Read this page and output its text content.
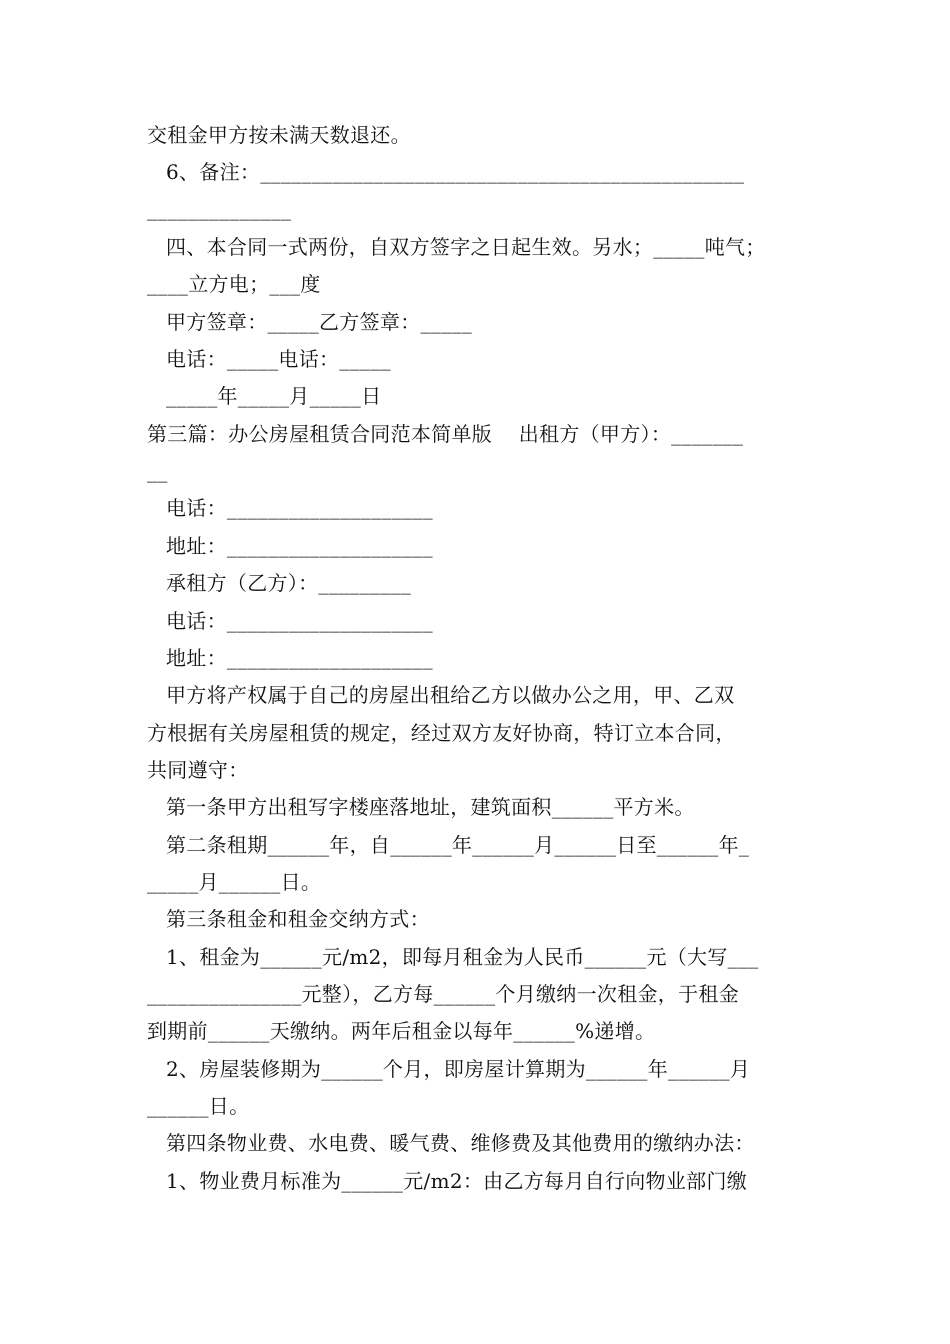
交租金甲方按未满天数退还。
6、备注：_______________________________________________
______________
四、本合同一式两份，自双方签字之日起生效。另水；_____吨气；
____立方电；___度
甲方签章：_____乙方签章：_____
电话：_____电话：_____
_____年_____月_____日
第三篇：办公房屋租赁合同范本简单版    出租方（甲方）：_______
__
电话：____________________
地址：____________________
承租方（乙方）：_________
电话：____________________
地址：____________________
甲方将产权属于自己的房屋出租给乙方以做办公之用，甲、乙双
方根据有关房屋租赁的规定，经过双方友好协商，特订立本合同，
共同遵守：
第一条甲方出租写字楼座落地址，建筑面积______平方米。
第二条租期______年，自______年______月______日至______年_
_____月______日。
第三条租金和租金交纳方式：
1、租金为______元/m2，即每月租金为人民币______元（大写___
_______________元整），乙方每______个月缴纳一次租金，于租金
到期前______天缴纳。两年后租金以每年______%递增。
2、房屋装修期为______个月，即房屋计算期为______年______月
______日。
第四条物业费、水电费、暖气费、维修费及其他费用的缴纳办法：
1、物业费月标准为______元/m2：由乙方每月自行向物业部门缴
